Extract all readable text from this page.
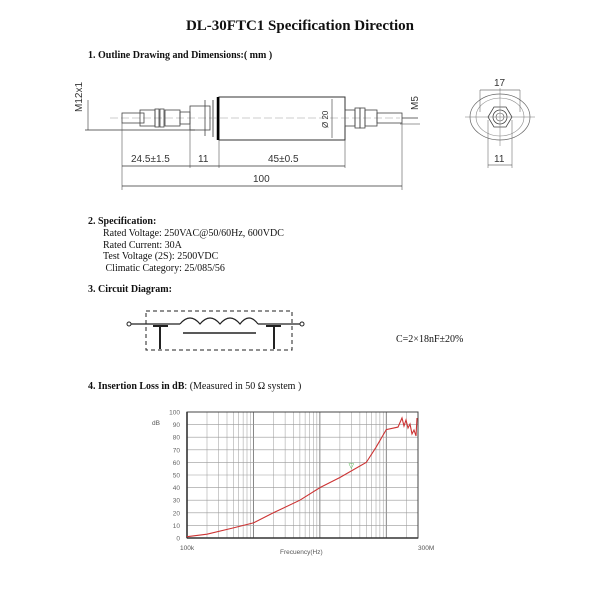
DL-30FTC1 Specification Direction
1. Outline Drawing and Dimensions:( mm )
M12x1	M5
Ø 20
24.5±1.5	11	45±0.5
100
17
11
2. Specification:
Rated Voltage: 250VAC@50/60Hz, 600VDC
Rated Current: 30A
Test Voltage (2S): 2500VDC
Climatic Category: 25/085/56
3. Circuit Diagram:
C=2×18nF±20%
4. Insertion Loss in dB: (Measured in 50 Ω system )
0
10
20
30
40
50
60
70
80
90
100
▽
dB
Frecuency(Hz)
100k	300M
